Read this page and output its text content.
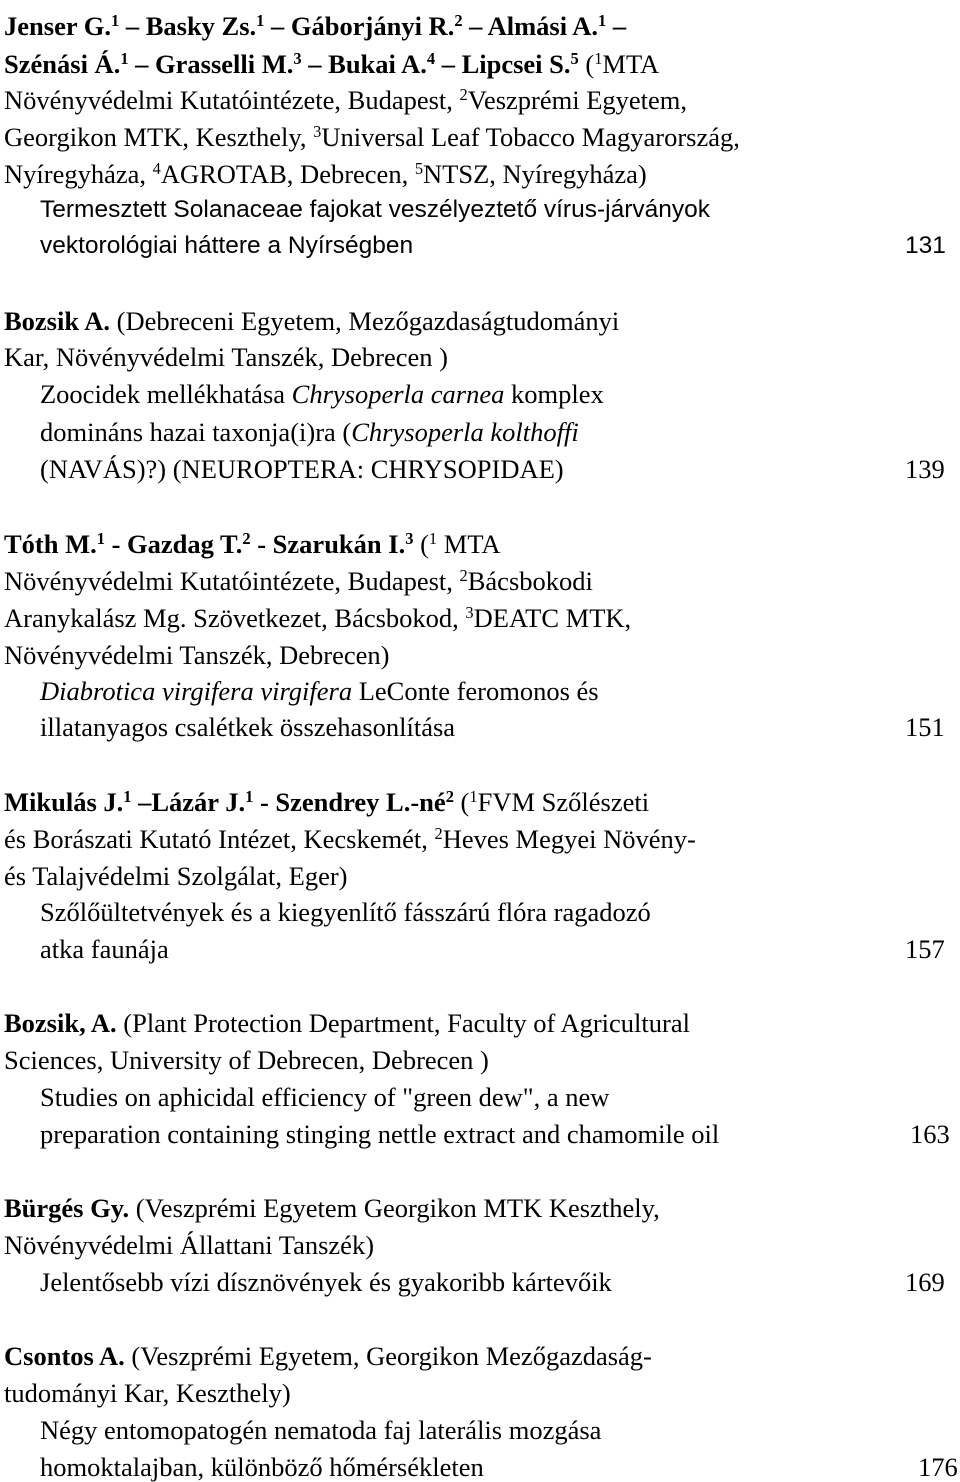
Jenser G.$^1$ – Basky Zs.$^1$ – Gáborjányi R.$^2$ – Almási A.$^1$ –
Szénási Á.$^1$ – Grasselli M.$^3$ – Bukai A.$^4$ – Lipcsei S.$^5$ ($^1$MTA
Növényvédelmi Kutatóintézete, Budapest, $^2$Veszprémi Egyetem,
Georgikon MTK, Keszthely, $^3$Universal Leaf Tobacco Magyarország,
Nyíregyháza, $^4$AGROTAB, Debrecen, $^5$NTSZ, Nyíregyháza)
Termesztett Solanaceae fajokat veszélyeztető vírus-járványok
vektorológiai háttere a Nyírségben	131
Bozsik A. (Debreceni Egyetem, Mezőgazdaságtudományi
Kar, Növényvédelmi Tanszék, Debrecen )
Zoocidek mellékhatása Chrysoperla carnea komplex
domináns hazai taxonja(i)ra (Chrysoperla kolthoffi
(NAVÁS)?) (NEUROPTERA: CHRYSOPIDAE)	139
Tóth M.$^1$ - Gazdag T.$^2$ - Szarukán I.$^3$ ($^1$ MTA
Növényvédelmi Kutatóintézete, Budapest, $^2$Bácsbokodi
Aranykalász Mg. Szövetkezet, Bácsbokod, $^3$DEATC MTK,
Növényvédelmi Tanszék, Debrecen)
Diabrotica virgifera virgifera LeConte feromonos és
illatanyagos csalétkek összehasonlítása	151
Mikulás J.$^1$ –Lázár J.$^1$ - Szendrey $L.-né^2$ ($^1$FVM Szőlészeti
és Borászati Kutató Intézet, Kecskemét, $^2$Heves Megyei Növény-
és Talajvédelmi Szolgálat, Eger)
Szőlőültetvények és a kiegyenlítő fásszárú flóra ragadozó
atka faunája	157
Bozsik, A. (Plant Protection Department, Faculty of Agricultural
Sciences, University of Debrecen, Debrecen )
Studies on aphicidal efficiency of "green dew", a new
preparation containing stinging nettle extract and chamomile oil	163
Bürgés Gy. (Veszprémi Egyetem Georgikon MTK Keszthely,
Növényvédelmi Állattani Tanszék)
Jelentősebb vízi dísznövények és gyakoribb kártevőik	169
Csontos A. (Veszprémi Egyetem, Georgikon Mezőgazdaság-
tudományi Kar, Keszthely)
Négy entomopatogén nematoda faj laterális mozgása
homoktalajban, különböző hőmérsékleten	176
